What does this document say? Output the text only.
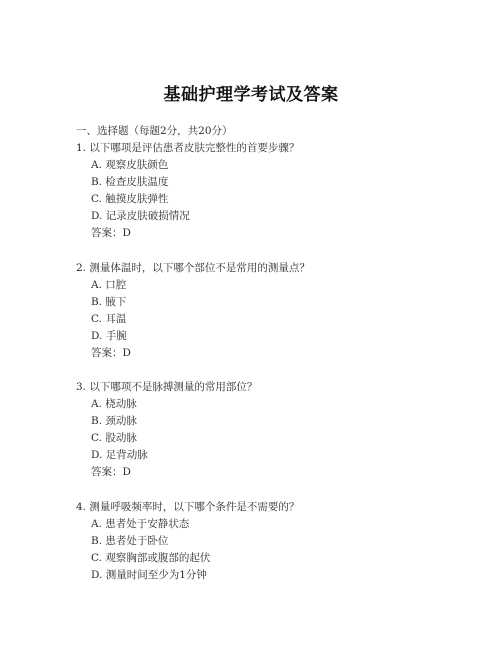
基础护理学考试及答案
一、选择题（每题2分，共20分）
1. 以下哪项是评估患者皮肤完整性的首要步骤？
A. 观察皮肤颜色
B. 检查皮肤温度
C. 触摸皮肤弹性
D. 记录皮肤破损情况
答案：D
2. 测量体温时，以下哪个部位不是常用的测量点？
A. 口腔
B. 腋下
C. 耳温
D. 手腕
答案：D
3. 以下哪项不是脉搏测量的常用部位？
A. 桡动脉
B. 颈动脉
C. 股动脉
D. 足背动脉
答案：D
4. 测量呼吸频率时，以下哪个条件是不需要的？
A. 患者处于安静状态
B. 患者处于卧位
C. 观察胸部或腹部的起伏
D. 测量时间至少为1分钟
